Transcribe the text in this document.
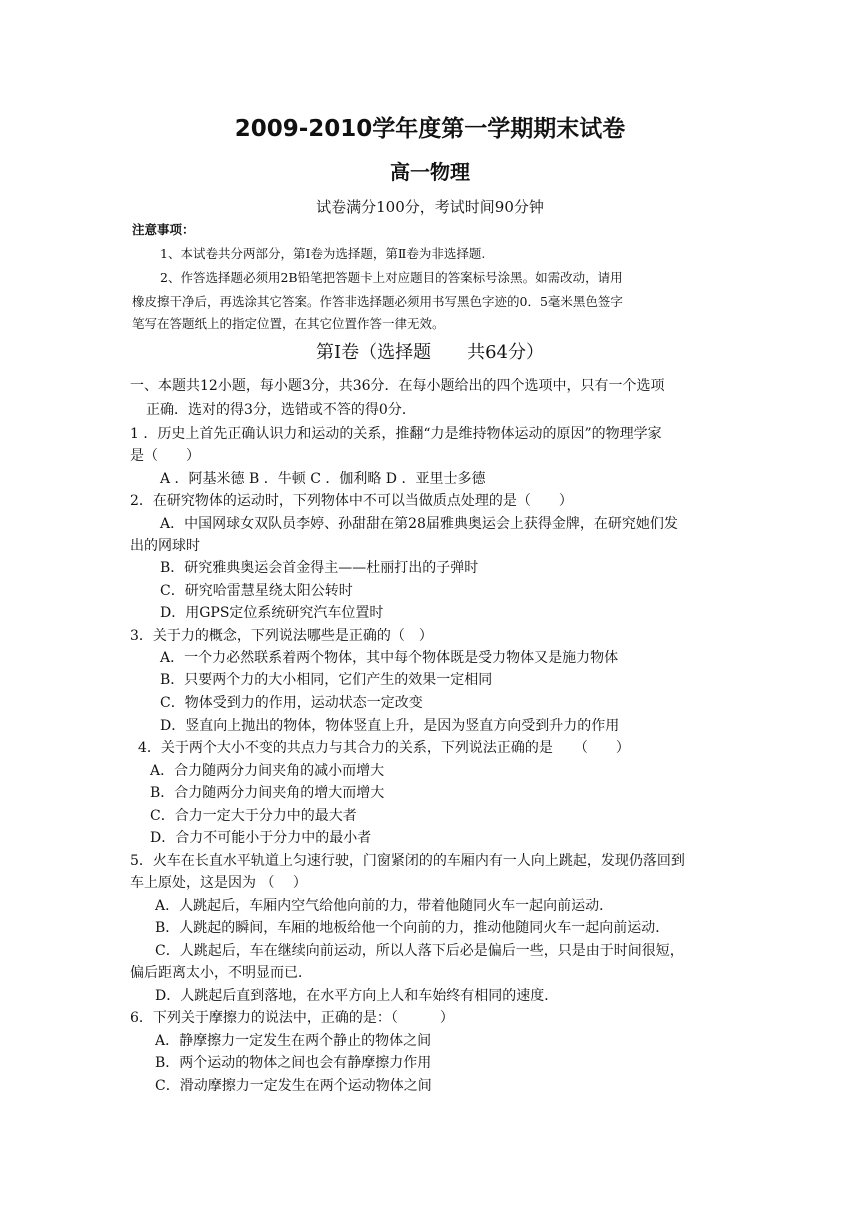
2009-2010学年度第一学期期末试卷
高一物理
试卷满分100分，考试时间90分钟
注意事项：
1、本试卷共分两部分，第Ⅰ卷为选择题，第Ⅱ卷为非选择题.
2、作答选择题必须用2B铅笔把答题卡上对应题目的答案标号涂黑。如需改动，请用
橡皮擦干净后，再选涂其它答案。作答非选择题必须用书写黑色字迹的0．5毫米黑色签字
笔写在答题纸上的指定位置，在其它位置作答一律无效。
第Ⅰ卷（选择题　　共64分）
一、本题共12小题，每小题3分，共36分．在每小题给出的四个选项中，只有一个选项
正确．选对的得3分，选错或不答的得0分．
1 ．历史上首先正确认识力和运动的关系，推翻“力是维持物体运动的原因”的物理学家
是（　　）
A ．阿基米德 B ．牛顿 C ．伽利略 D ．亚里士多德
2．在研究物体的运动时，下列物体中不可以当做质点处理的是（　　）
A．中国网球女双队员李婷、孙甜甜在第28届雅典奥运会上获得金牌，在研究她们发
出的网球时
B．研究雅典奥运会首金得主——杜丽打出的子弹时
C．研究哈雷慧星绕太阳公转时
D．用GPS定位系统研究汽车位置时
3．关于力的概念，下列说法哪些是正确的（　）
A．一个力必然联系着两个物体，其中每个物体既是受力物体又是施力物体
B．只要两个力的大小相同，它们产生的效果一定相同
C．物体受到力的作用，运动状态一定改变
D．竖直向上抛出的物体，物体竖直上升，是因为竖直方向受到升力的作用
4．关于两个大小不变的共点力与其合力的关系，下列说法正确的是　　（　　）
A．合力随两分力间夹角的减小而增大
B．合力随两分力间夹角的增大而增大
C．合力一定大于分力中的最大者
D．合力不可能小于分力中的最小者
5．火车在长直水平轨道上匀速行驶，门窗紧闭的的车厢内有一人向上跳起，发现仍落回到
车上原处，这是因为 （　 ）
A．人跳起后，车厢内空气给他向前的力，带着他随同火车一起向前运动．
B．人跳起的瞬间，车厢的地板给他一个向前的力，推动他随同火车一起向前运动．
C．人跳起后，车在继续向前运动，所以人落下后必是偏后一些，只是由于时间很短，
偏后距离太小，不明显而已．
D．人跳起后直到落地，在水平方向上人和车始终有相同的速度．
6．下列关于摩擦力的说法中，正确的是：（　　　）
A．静摩擦力一定发生在两个静止的物体之间
B．两个运动的物体之间也会有静摩擦力作用
C．滑动摩擦力一定发生在两个运动物体之间
